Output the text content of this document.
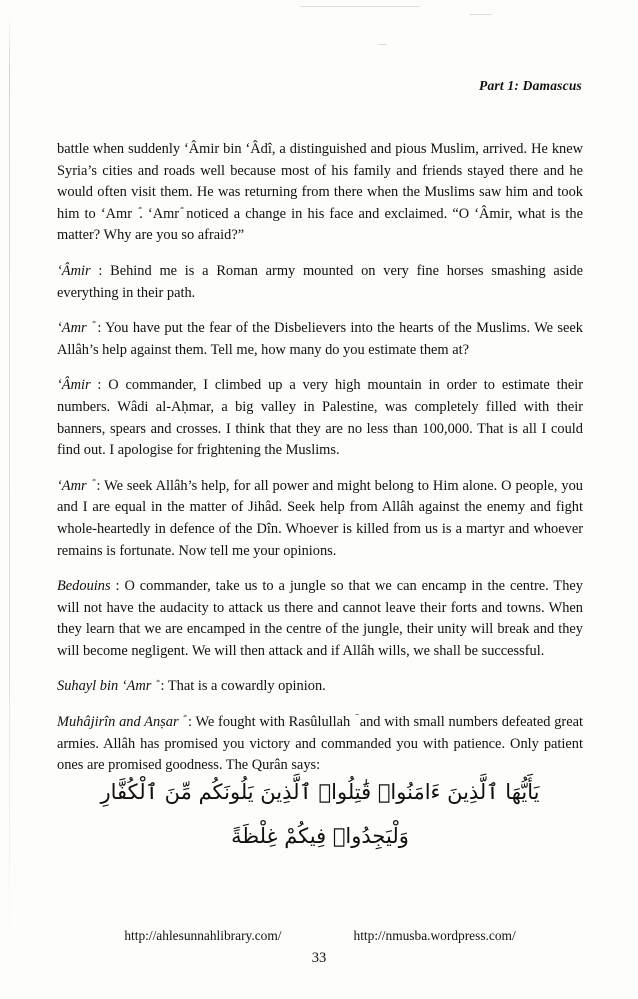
Part 1: Damascus

battle when suddenly ‘Âmir bin ‘Âdî, a distinguished and pious Muslim, arrived. He knew Syria’s cities and roads well because most of his family and friends stayed there and he would often visit them. He was returning from there when the Muslims saw him and took him to ‘Amr . ‘Amr noticed a change in his face and exclaimed. “O ‘Âmir, what is the matter? Why are you so afraid?”

‘Âmir : Behind me is a Roman army mounted on very fine horses smashing aside everything in their path.

‘Amr  : You have put the fear of the Disbelievers into the hearts of the Muslims. We seek Allâh’s help against them. Tell me, how many do you estimate them at?

‘Âmir : O commander, I climbed up a very high mountain in order to estimate their numbers. Wâdi al-Aḥmar, a big valley in Palestine, was completely filled with their banners, spears and crosses. I think that they are no less than 100,000. That is all I could find out. I apologise for frightening the Muslims.

‘Amr  : We seek Allâh’s help, for all power and might belong to Him alone. O people, you and I are equal in the matter of Jihâd. Seek help from Allâh against the enemy and fight whole-heartedly in defence of the Dîn. Whoever is killed from us is a martyr and whoever remains is fortunate. Now tell me your opinions.

Bedouins : O commander, take us to a jungle so that we can encamp in the centre. They will not have the audacity to attack us there and cannot leave their forts and towns. When they learn that we are encamped in the centre of the jungle, their unity will break and they will become negligent. We will then attack and if Allâh wills, we shall be successful.

Suhayl bin ‘Amr  : That is a cowardly opinion.

Muhâjirîn and Anṣar  : We fought with Rasûlullah  and with small numbers defeated great armies. Allâh has promised you victory and commanded you with patience. Only patient ones are promised goodness. The Qurân says:

يَأَيُّهَا ٱلَّذِينَ ءَامَنُوا۟ قَٰتِلُوا۟ ٱلَّذِينَ يَلُونَكُم مِّنَ ٱلْكُفَّارِ
وَلْيَجِدُوا۟ فِيكُمْ غِلْظَةً
http://ahlesunnahlibrary.com/	http://nmusba.wordpress.com/
33
